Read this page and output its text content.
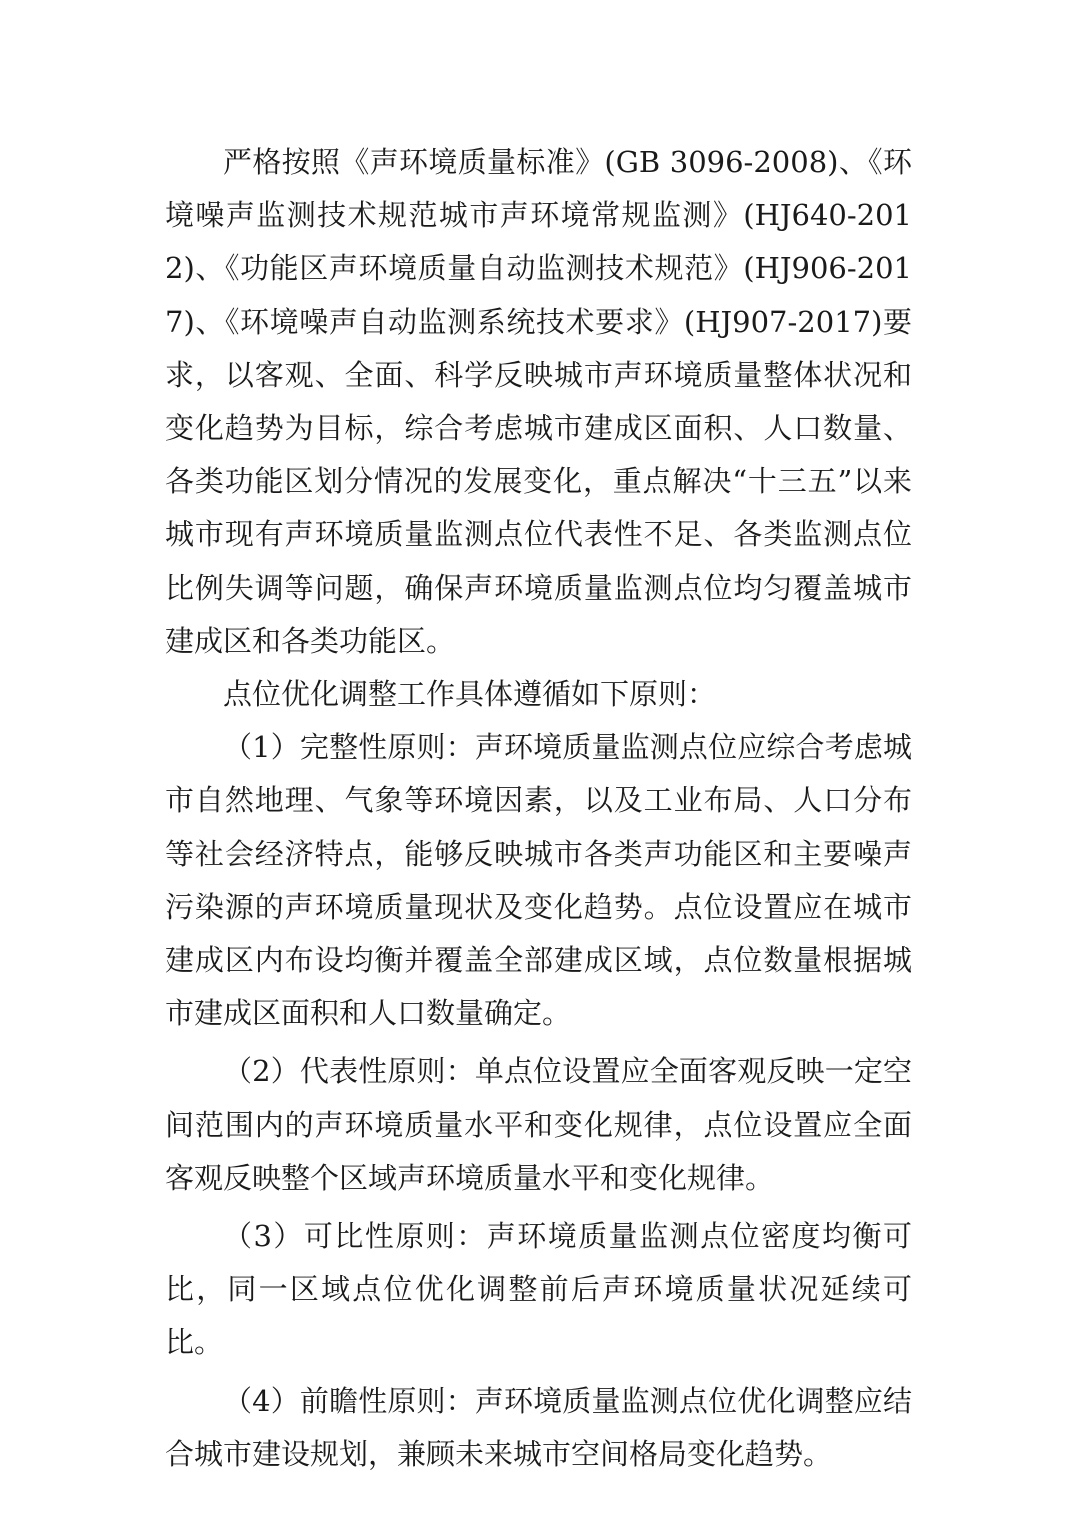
严格按照《声环境质量标准》(GB 3096-2008)、《环境噪声监测技术规范城市声环境常规监测》(HJ640-2012)、《功能区声环境质量自动监测技术规范》(HJ906-2017)、《环境噪声自动监测系统技术要求》(HJ907-2017)要求，以客观、全面、科学反映城市声环境质量整体状况和变化趋势为目标，综合考虑城市建成区面积、人口数量、各类功能区划分情况的发展变化，重点解决“十三五”以来城市现有声环境质量监测点位代表性不足、各类监测点位比例失调等问题，确保声环境质量监测点位均匀覆盖城市建成区和各类功能区。

点位优化调整工作具体遵循如下原则：

（1）完整性原则：声环境质量监测点位应综合考虑城市自然地理、气象等环境因素，以及工业布局、人口分布等社会经济特点，能够反映城市各类声功能区和主要噪声污染源的声环境质量现状及变化趋势。点位设置应在城市建成区内布设均衡并覆盖全部建成区域，点位数量根据城市建成区面积和人口数量确定。

（2）代表性原则：单点位设置应全面客观反映一定空间范围内的声环境质量水平和变化规律，点位设置应全面客观反映整个区域声环境质量水平和变化规律。

（3）可比性原则：声环境质量监测点位密度均衡可比，同一区域点位优化调整前后声环境质量状况延续可比。

（4）前瞻性原则：声环境质量监测点位优化调整应结合城市建设规划，兼顾未来城市空间格局变化趋势。
